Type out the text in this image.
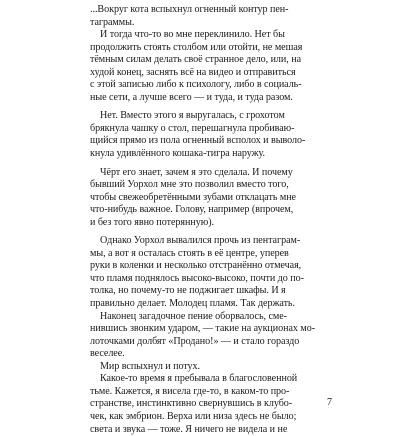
...Вокруг кота вспыхнул огненный контур пен-
таграммы.
И тогда что-то во мне переклинило. Нет бы
продолжить стоять столбом или отойти, не мешая
тёмным силам делать своё странное дело, или, на
худой конец, заснять всё на видео и отправиться
с этой записью либо к психологу, либо в социаль-
ные сети, а лучше всего — и туда, и туда разом.
Нет. Вместо этого я выругалась, с грохотом
брякнула чашку о стол, перешагнула пробиваю-
щийся прямо из пола огненный всполох и выволо-
кнула удивлённого кошака-тигра наружу.
Чёрт его знает, зачем я это сделала. И почему
бывший Уорхол мне это позволил вместо того,
чтобы свежеобретёнными зубами отклацать мне
что-нибудь важное. Голову, например (впрочем,
и без того явно потерянную).
Однако Уорхол вывалился прочь из пентаграм-
мы, а вот я осталась стоять в её центре, уперев
руки в коленки и несколько отстранённо отмечая,
что пламя поднялось высоко-высоко, почти до по-
толка, но почему-то не поджигает шкафы. И я
правильно делает. Молодец пламя. Так держать.
Наконец загадочное пение оборвалось, сме-
нившись звонким ударом, — такие на аукционах мо-
лоточками долбят «Продано!» — и стало гораздо
веселее.
Мир вспыхнул и потух.
Какое-то время я пребывала в благословенной
тьме. Кажется, я висела где-то, в каком-то про-
странстве, инстинктивно свернувшись в клубо-
чек, как эмбрион. Верха или низа здесь не было;
света и звука — тоже. Я ничего не видела и не
7
